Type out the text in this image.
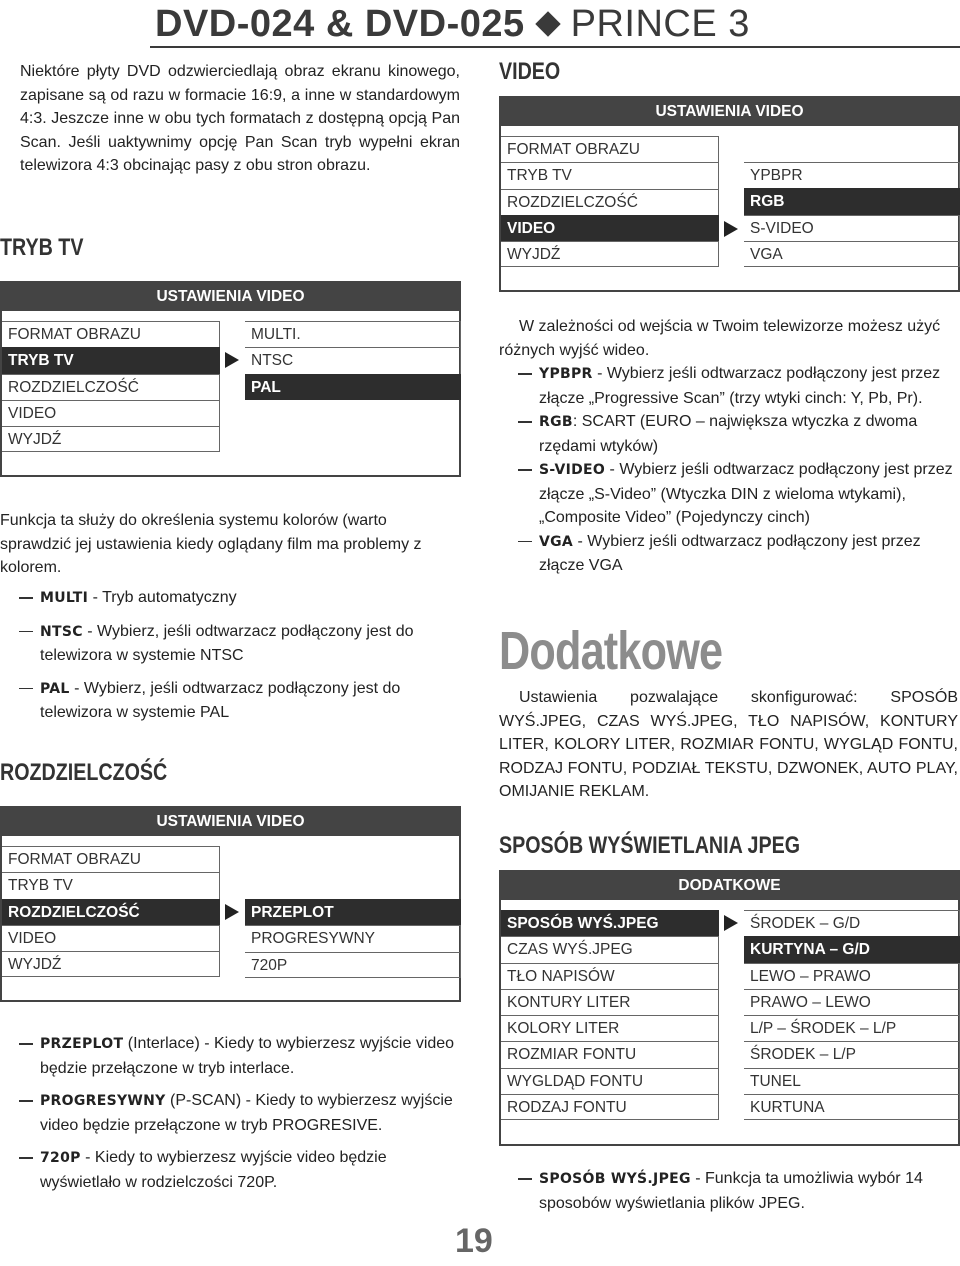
DVD-024 & DVD-025 PRINCE 3
Niektóre płyty DVD odzwierciedlają obraz ekranu kinowego, zapisane są od razu w formacie 16:9, a inne w standardowym 4:3. Jeszcze inne w obu tych formatach z dostępną opcją Pan Scan. Jeśli uaktywnimy opcję Pan Scan tryb wypełni ekran telewizora 4:3 obcinając pasy z obu stron obrazu.
TRYB TV
USTAWIENIA VIDEO
FORMAT OBRAZU
TRYB TV
ROZDZIELCZOŚĆ
VIDEO
WYJDŹ
MULTI.
NTSC
PAL
Funkcja ta służy do określenia systemu kolorów (warto sprawdzić jej ustawienia kiedy oglądany film ma problemy z kolorem.
MULTI - Tryb automatyczny
NTSC - Wybierz, jeśli odtwarzacz podłączony jest do telewizora w systemie NTSC
PAL - Wybierz, jeśli odtwarzacz podłączony jest do telewizora w systemie PAL
ROZDZIELCZOŚĆ
USTAWIENIA VIDEO
FORMAT OBRAZU
TRYB TV
ROZDZIELCZOŚĆ
VIDEO
WYJDŹ
PRZEPLOT
PROGRESYWNY
720P
PRZEPLOT (Interlace) - Kiedy to wybierzesz wyjście video będzie przełączone w tryb interlace.
PROGRESYWNY (P-SCAN) - Kiedy to wybierzesz wyjście video będzie przełączone w tryb PROGRESIVE.
720P - Kiedy to wybierzesz wyjście video będzie wyświetlało w rodzielczości 720P.
VIDEO
USTAWIENIA VIDEO
FORMAT OBRAZU
TRYB TV
ROZDZIELCZOŚĆ
VIDEO
WYJDŹ
YPBPR
RGB
S-VIDEO
VGA
W zależności od wejścia w Twoim telewizorze możesz użyć różnych wyjść wideo.
YPBPR - Wybierz jeśli odtwarzacz podłączony jest przez złącze „Progressive Scan” (trzy wtyki cinch: Y, Pb, Pr).
RGB: SCART (EURO – największa wtyczka z dwoma rzędami wtyków)
S-VIDEO - Wybierz jeśli odtwarzacz podłączony jest przez złącze „S-Video” (Wtyczka DIN z wieloma wtykami), „Composite Video” (Pojedynczy cinch)
VGA - Wybierz jeśli odtwarzacz podłączony jest przez złącze VGA
Dodatkowe
Ustawienia pozwalające skonfigurować: SPOSÓB WYŚ.JPEG, CZAS WYŚ.JPEG, TŁO NAPISÓW, KONTURY LITER, KOLORY LITER, ROZMIAR FONTU, WYGLĄD FONTU, RODZAJ FONTU, PODZIAŁ TEKSTU, DZWONEK, AUTO PLAY, OMIJANIE REKLAM.
SPOSÓB WYŚWIETLANIA JPEG
DODATKOWE
SPOSÓB WYŚ.JPEG
CZAS WYŚ.JPEG
TŁO NAPISÓW
KONTURY LITER
KOLORY LITER
ROZMIAR FONTU
WYGLDĄD FONTU
RODZAJ FONTU
ŚRODEK – G/D
KURTYNA – G/D
LEWO – PRAWO
PRAWO – LEWO
L/P – ŚRODEK – L/P
ŚRODEK – L/P
TUNEL
KURTUNA
SPOSÓB WYŚ.JPEG - Funkcja ta umożliwia wybór 14 sposobów wyświetlania plików JPEG.
19
